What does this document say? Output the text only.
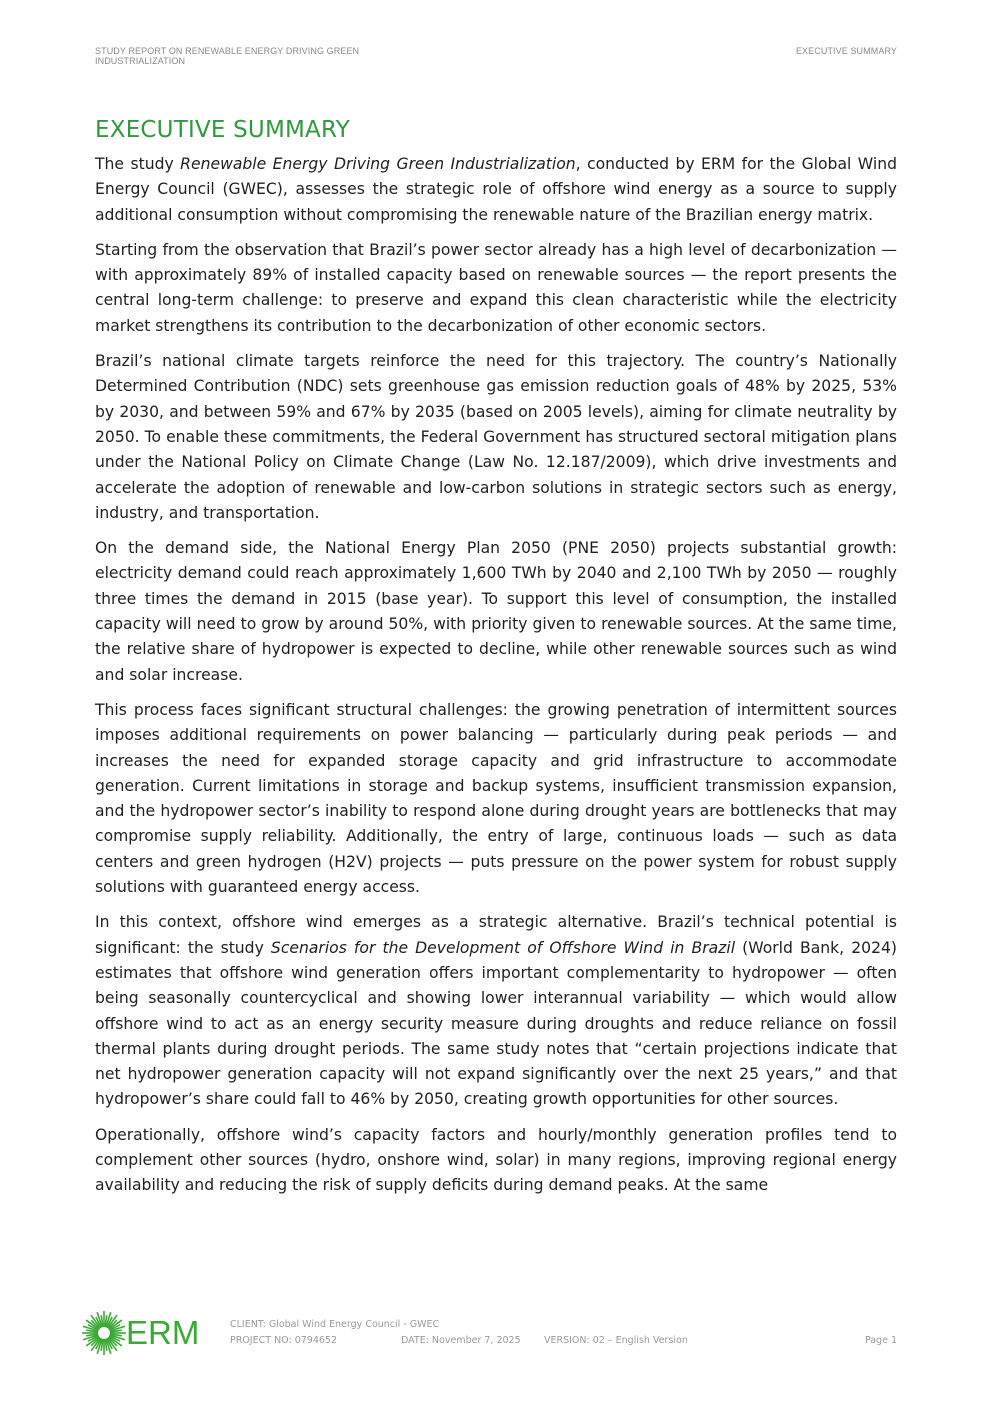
STUDY REPORT ON RENEWABLE ENERGY DRIVING GREEN INDUSTRIALIZATION
EXECUTIVE SUMMARY
EXECUTIVE SUMMARY

The study Renewable Energy Driving Green Industrialization, conducted by ERM for the Global Wind Energy Council (GWEC), assesses the strategic role of offshore wind energy as a source to supply additional consumption without compromising the renewable nature of the Brazilian energy matrix.

Starting from the observation that Brazil’s power sector already has a high level of decarbonization — with approximately 89% of installed capacity based on renewable sources — the report presents the central long-term challenge: to preserve and expand this clean characteristic while the electricity market strengthens its contribution to the decarbonization of other economic sectors.

Brazil’s national climate targets reinforce the need for this trajectory. The country’s Nationally Determined Contribution (NDC) sets greenhouse gas emission reduction goals of 48% by 2025, 53% by 2030, and between 59% and 67% by 2035 (based on 2005 levels), aiming for climate neutrality by 2050. To enable these commitments, the Federal Government has structured sectoral mitigation plans under the National Policy on Climate Change (Law No. 12.187/2009), which drive investments and accelerate the adoption of renewable and low-carbon solutions in strategic sectors such as energy, industry, and transportation.

On the demand side, the National Energy Plan 2050 (PNE 2050) projects substantial growth: electricity demand could reach approximately 1,600 TWh by 2040 and 2,100 TWh by 2050 — roughly three times the demand in 2015 (base year). To support this level of consumption, the installed capacity will need to grow by around 50%, with priority given to renewable sources. At the same time, the relative share of hydropower is expected to decline, while other renewable sources such as wind and solar increase.

This process faces significant structural challenges: the growing penetration of intermittent sources imposes additional requirements on power balancing — particularly during peak periods — and increases the need for expanded storage capacity and grid infrastructure to accommodate generation. Current limitations in storage and backup systems, insufficient transmission expansion, and the hydropower sector’s inability to respond alone during drought years are bottlenecks that may compromise supply reliability. Additionally, the entry of large, continuous loads — such as data centers and green hydrogen (H2V) projects — puts pressure on the power system for robust supply solutions with guaranteed energy access.

In this context, offshore wind emerges as a strategic alternative. Brazil’s technical potential is significant: the study Scenarios for the Development of Offshore Wind in Brazil (World Bank, 2024) estimates that offshore wind generation offers important complementarity to hydropower — often being seasonally countercyclical and showing lower interannual variability — which would allow offshore wind to act as an energy security measure during droughts and reduce reliance on fossil thermal plants during drought periods. The same study notes that “certain projections indicate that net hydropower generation capacity will not expand significantly over the next 25 years,” and that hydropower’s share could fall to 46% by 2050, creating growth opportunities for other sources.

Operationally, offshore wind’s capacity factors and hourly/monthly generation profiles tend to complement other sources (hydro, onshore wind, solar) in many regions, improving regional energy availability and reducing the risk of supply deficits during demand peaks. At the same

ERM	CLIENT: Global Wind Energy Council - GWEC
PROJECT NO: 0794652	DATE: November 7, 2025 VERSION: 02 – English Version	Page 1
